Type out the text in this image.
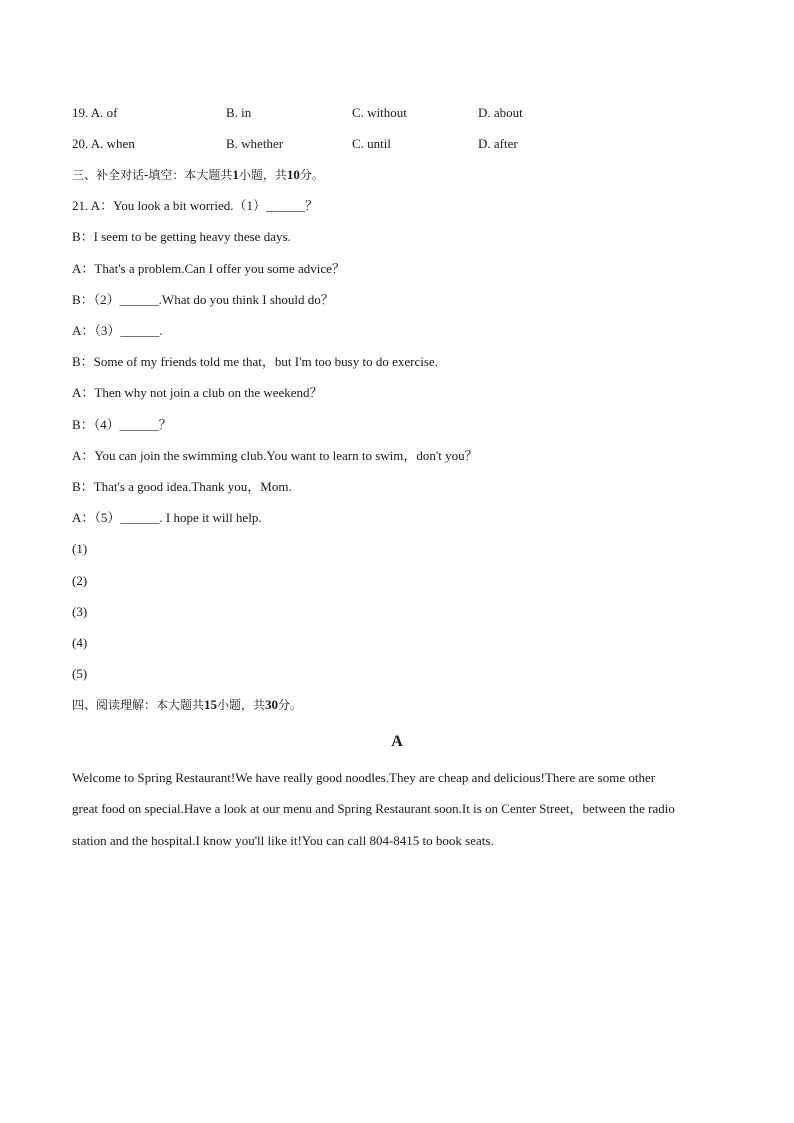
19. A. of	B. in	C. without	D. about
20. A. when	B. whether	C. until	D. after
三、补全对话-填空：本大题共1小题，共10分。
21. A：You look a bit worried.（1）______？
B：I seem to be getting heavy these days.
A：That's a problem.Can I offer you some advice？
B：（2）______.What do you think I should do？
A：（3）______.
B：Some of my friends told me that，but I'm too busy to do exercise.
A：Then why not join a club on the weekend？
B：（4）______？
A：You can join the swimming club.You want to learn to swim，don't you？
B：That's a good idea.Thank you，Mom.
A：（5）______. I hope it will help.
(1)
(2)
(3)
(4)
(5)
四、阅读理解：本大题共15小题，共30分。
A
Welcome to Spring Restaurant!We have really good noodles.They are cheap and delicious!There are some other
great food on special.Have a look at our menu and Spring Restaurant soon.It is on Center Street，between the radio
station and the hospital.I know you'll like it!You can call 804-8415 to book seats.
